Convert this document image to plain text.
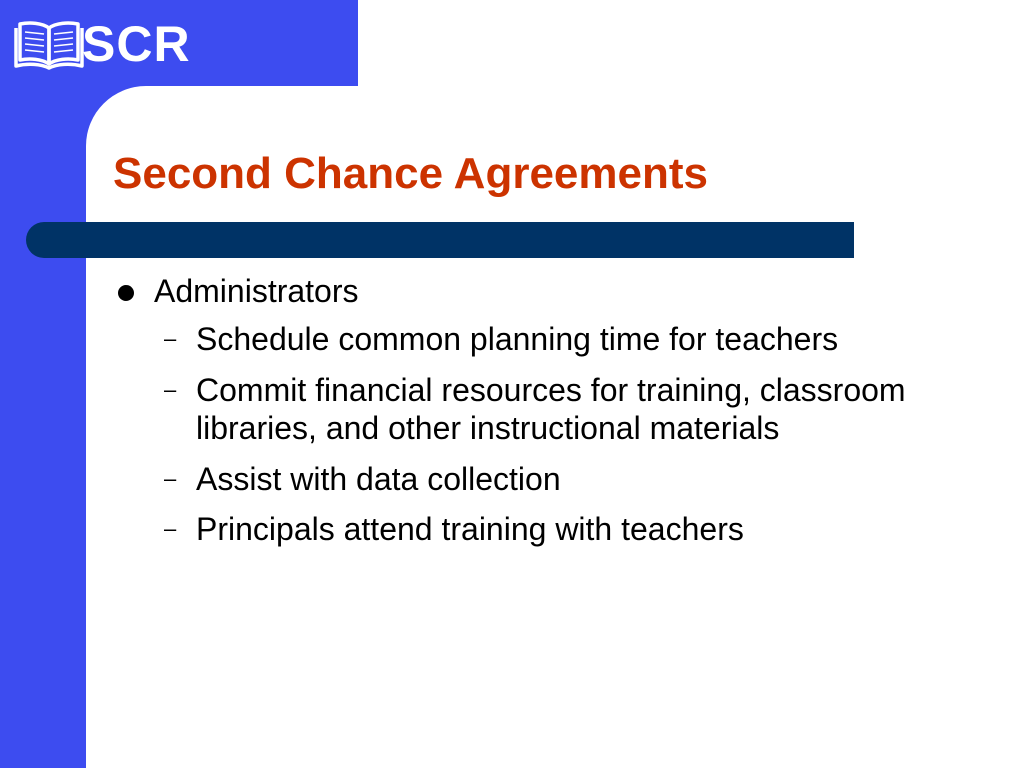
SCR
Second Chance Agreements
Administrators
– Schedule common planning time for teachers
– Commit financial resources for training, classroom libraries, and other instructional materials
– Assist with data collection
– Principals attend training with teachers
